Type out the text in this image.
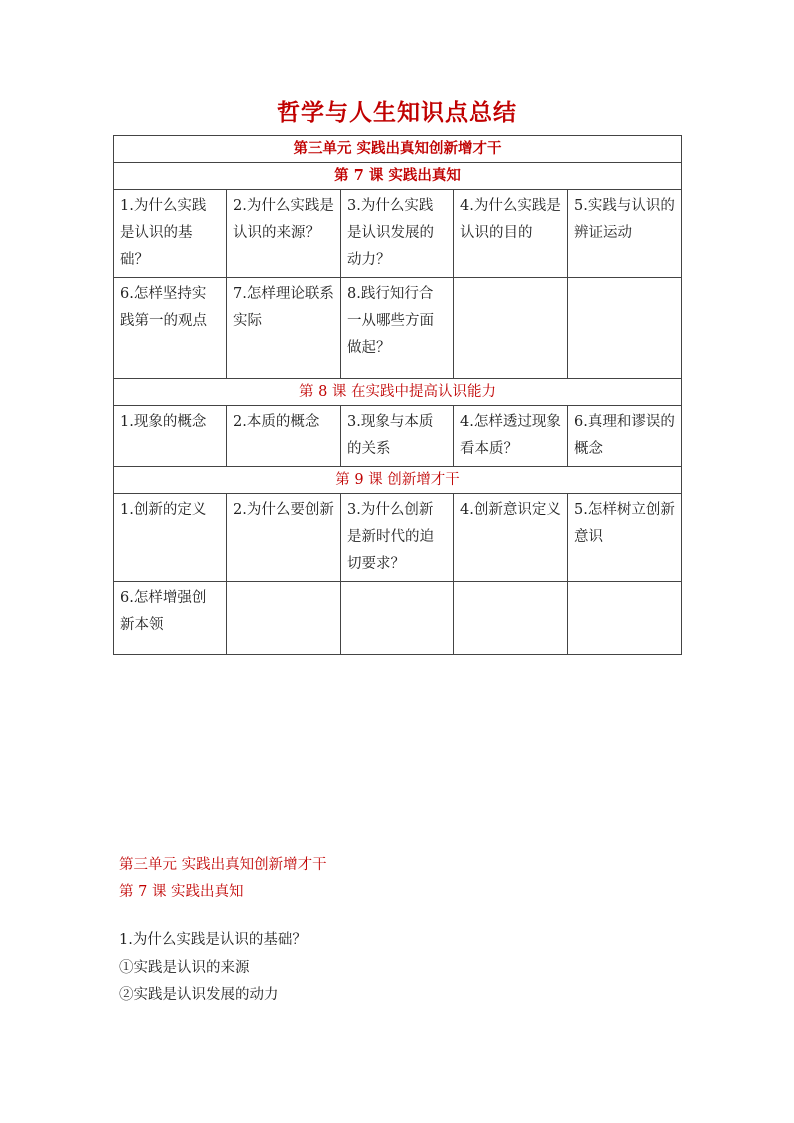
哲学与人生知识点总结
第三单元 实践出真知创新增才干				
第 7 课 实践出真知				
1.为什么实践是认识的基础？	2.为什么实践是认识的来源？	3.为什么实践是认识发展的动力？	4.为什么实践是认识的目的	5.实践与认识的辨证运动
6.怎样坚持实践第一的观点	7.怎样理论联系实际	8.践行知行合一从哪些方面做起？		
第 8 课 在实践中提高认识能力				
1.现象的概念	2.本质的概念	3.现象与本质的关系	4.怎样透过现象看本质？	6.真理和谬误的概念
第 9 课 创新增才干				
1.创新的定义	2.为什么要创新	3.为什么创新是新时代的迫切要求？	4.创新意识定义	5.怎样树立创新意识
6.怎样增强创新本领				

第三单元 实践出真知创新增才干

第 7 课 实践出真知

1.为什么实践是认识的基础？

①实践是认识的来源

②实践是认识发展的动力
